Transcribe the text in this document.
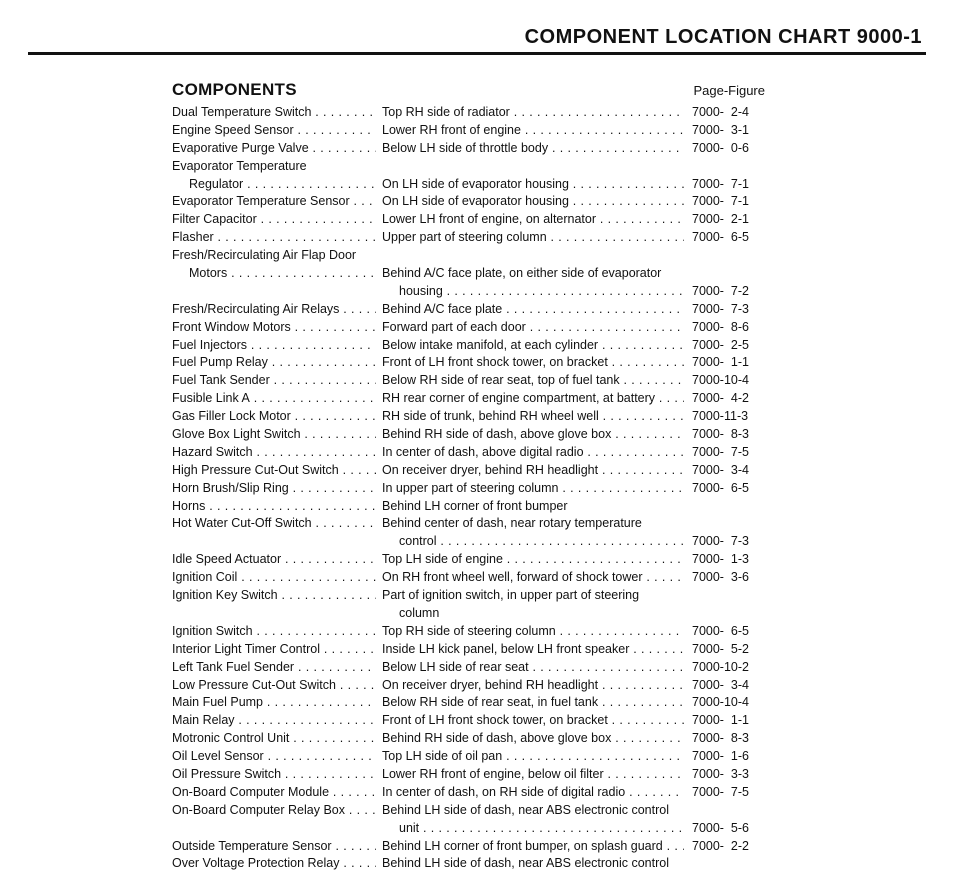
COMPONENT LOCATION CHART 9000-1
COMPONENTS	Page-Figure
Dual Temperature Switch . . .	Top RH side of radiator . . .	7000-  2-4
Engine Speed Sensor . . .	Lower RH front of engine . . .	7000-  3-1
Evaporative Purge Valve . . .	Below LH side of throttle body . . .	7000-  0-6
Evaporator Temperature
Regulator . . .	On LH side of evaporator housing . . .	7000-  7-1
Evaporator Temperature Sensor . . .	On LH side of evaporator housing . . .	7000-  7-1
Filter Capacitor . . .	Lower LH front of engine, on alternator . . .	7000-  2-1
Flasher . . .	Upper part of steering column . . .	7000-  6-5
Fresh/Recirculating Air Flap Door
Motors . . .	Behind A/C face plate, on either side of evaporator
housing . . .	7000-  7-2
Fresh/Recirculating Air Relays . . .	Behind A/C face plate . . .	7000-  7-3
Front Window Motors . . .	Forward part of each door . . .	7000-  8-6
Fuel Injectors . . .	Below intake manifold, at each cylinder . . .	7000-  2-5
Fuel Pump Relay . . .	Front of LH front shock tower, on bracket . . .	7000-  1-1
Fuel Tank Sender . . .	Below RH side of rear seat, top of fuel tank . . .	7000-10-4
Fusible Link A . . .	RH rear corner of engine compartment, at battery . . .	7000-  4-2
Gas Filler Lock Motor . . .	RH side of trunk, behind RH wheel well . . .	7000-11-3
Glove Box Light Switch . . .	Behind RH side of dash, above glove box . . .	7000-  8-3
Hazard Switch . . .	In center of dash, above digital radio . . .	7000-  7-5
High Pressure Cut-Out Switch . . .	On receiver dryer, behind RH headlight . . .	7000-  3-4
Horn Brush/Slip Ring . . .	In upper part of steering column . . .	7000-  6-5
Horns . . .	Behind LH corner of front bumper
Hot Water Cut-Off Switch . . .	Behind center of dash, near rotary temperature
control . . .	7000-  7-3
Idle Speed Actuator . . .	Top LH side of engine . . .	7000-  1-3
Ignition Coil . . .	On RH front wheel well, forward of shock tower . . .	7000-  3-6
Ignition Key Switch . . .	Part of ignition switch, in upper part of steering
column
Ignition Switch . . .	Top RH side of steering column . . .	7000-  6-5
Interior Light Timer Control . . .	Inside LH kick panel, below LH front speaker . . .	7000-  5-2
Left Tank Fuel Sender . . .	Below LH side of rear seat . . .	7000-10-2
Low Pressure Cut-Out Switch . . .	On receiver dryer, behind RH headlight . . .	7000-  3-4
Main Fuel Pump . . .	Below RH side of rear seat, in fuel tank . . .	7000-10-4
Main Relay . . .	Front of LH front shock tower, on bracket . . .	7000-  1-1
Motronic Control Unit . . .	Behind RH side of dash, above glove box . . .	7000-  8-3
Oil Level Sensor . . .	Top LH side of oil pan . . .	7000-  1-6
Oil Pressure Switch . . .	Lower RH front of engine, below oil filter . . .	7000-  3-3
On-Board Computer Module . . .	In center of dash, on RH side of digital radio . . .	7000-  7-5
On-Board Computer Relay Box . . .	Behind LH side of dash, near ABS electronic control
unit . . .	7000-  5-6
Outside Temperature Sensor . . .	Behind LH corner of front bumper, on splash guard . . .	7000-  2-2
Over Voltage Protection Relay . . .	Behind LH side of dash, near ABS electronic control
